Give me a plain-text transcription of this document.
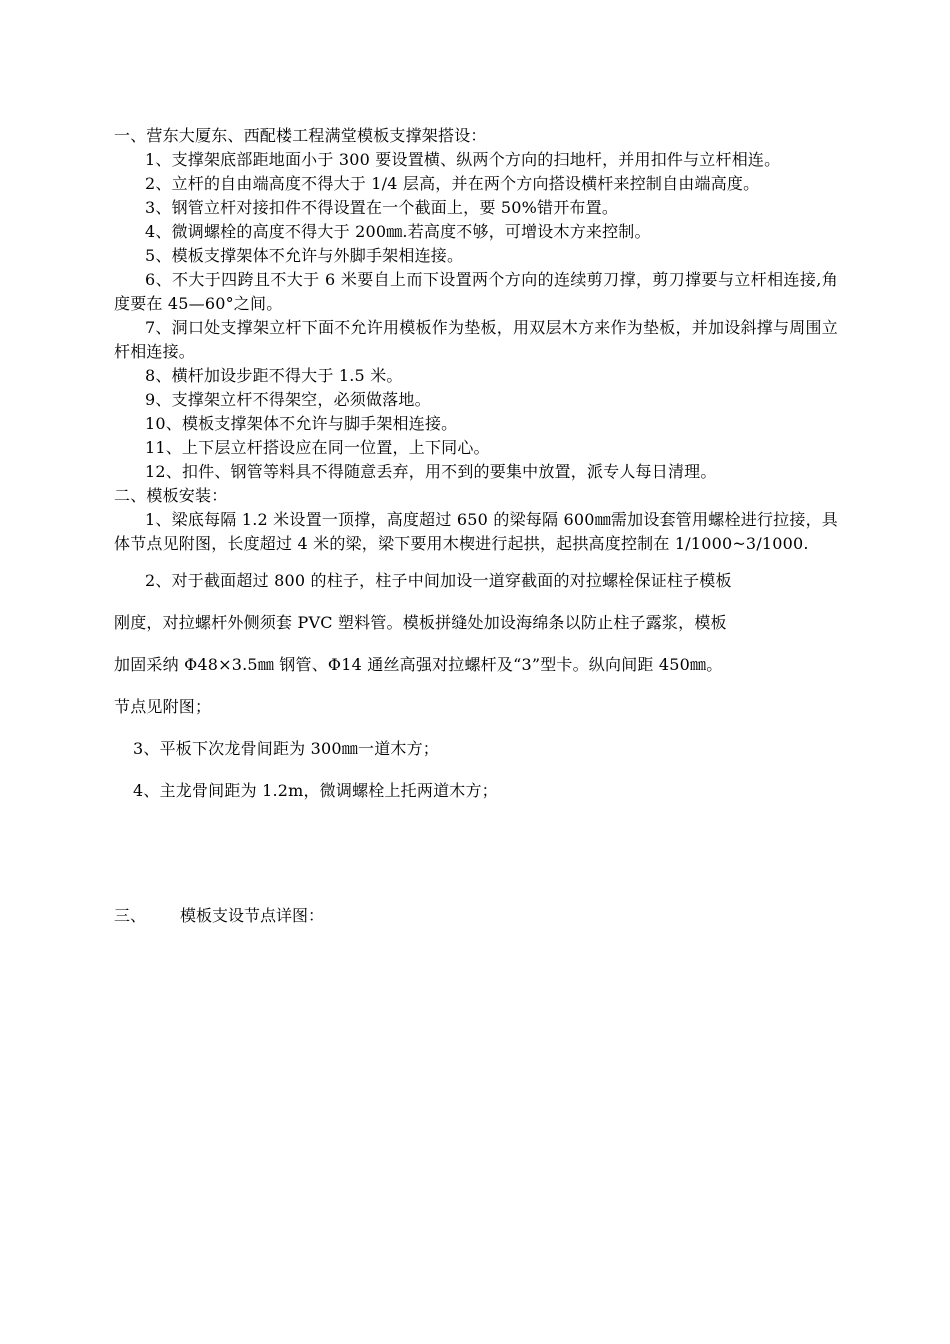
一、营东大厦东、西配楼工程满堂模板支撑架搭设：
1、支撑架底部距地面小于 300 要设置横、纵两个方向的扫地杆，并用扣件与立杆相连。
2、立杆的自由端高度不得大于 1/4 层高，并在两个方向搭设横杆来控制自由端高度。
3、钢管立杆对接扣件不得设置在一个截面上，要 50%错开布置。
4、微调螺栓的高度不得大于 200㎜.若高度不够，可增设木方来控制。
5、模板支撑架体不允许与外脚手架相连接。
6、不大于四跨且不大于 6 米要自上而下设置两个方向的连续剪刀撑，剪刀撑要与立杆相连接,角度要在 45—60°之间。
7、洞口处支撑架立杆下面不允许用模板作为垫板，用双层木方来作为垫板，并加设斜撑与周围立杆相连接。
8、横杆加设步距不得大于 1.5 米。
9、支撑架立杆不得架空，必须做落地。
10、模板支撑架体不允许与脚手架相连接。
11、上下层立杆搭设应在同一位置，上下同心。
12、扣件、钢管等料具不得随意丢弃，用不到的要集中放置，派专人每日清理。
二、模板安装：
1、梁底每隔 1.2 米设置一顶撑，高度超过 650 的梁每隔 600㎜需加设套管用螺栓进行拉接，具体节点见附图，长度超过 4 米的梁，梁下要用木楔进行起拱，起拱高度控制在 1/1000~3/1000.
2、对于截面超过 800 的柱子，柱子中间加设一道穿截面的对拉螺栓保证柱子模板
刚度，对拉螺杆外侧须套 PVC 塑料管。模板拼缝处加设海绵条以防止柱子露浆，模板
加固采纳 Φ48×3.5㎜ 钢管、Φ14 通丝高强对拉螺杆及“3”型卡。纵向间距 450㎜。
节点见附图；
3、平板下次龙骨间距为 300㎜一道木方；
4、主龙骨间距为 1.2m，微调螺栓上托两道木方；
三、	模板支设节点详图：
